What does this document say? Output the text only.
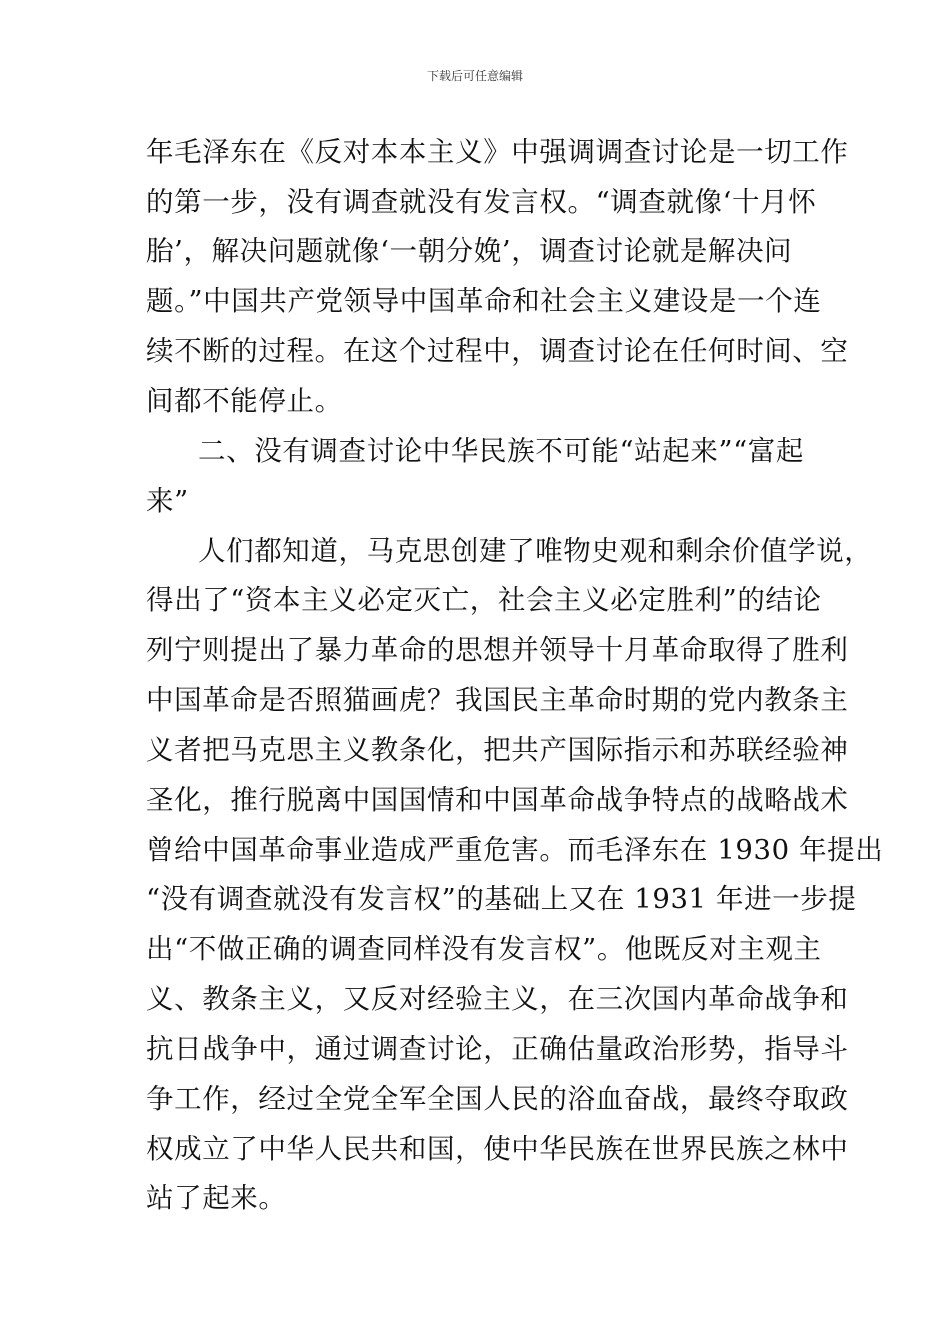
下载后可任意编辑
年毛泽东在《反对本本主义》中强调调查讨论是一切工作
的第一步，没有调查就没有发言权。“调查就像‘十月怀
胎’，解决问题就像‘一朝分娩’，调查讨论就是解决问
题。”中国共产党领导中国革命和社会主义建设是一个连
续不断的过程。在这个过程中，调查讨论在任何时间、空
间都不能停止。
二、没有调查讨论中华民族不可能“站起来”“富起
来”
人们都知道，马克思创建了唯物史观和剩余价值学说，
得出了“资本主义必定灭亡，社会主义必定胜利”的结论
列宁则提出了暴力革命的思想并领导十月革命取得了胜利
中国革命是否照猫画虎？我国民主革命时期的党内教条主
义者把马克思主义教条化，把共产国际指示和苏联经验神
圣化，推行脱离中国国情和中国革命战争特点的战略战术
曾给中国革命事业造成严重危害。而毛泽东在 1930 年提出
“没有调查就没有发言权”的基础上又在 1931 年进一步提
出“不做正确的调查同样没有发言权”。他既反对主观主
义、教条主义，又反对经验主义，在三次国内革命战争和
抗日战争中，通过调查讨论，正确估量政治形势，指导斗
争工作，经过全党全军全国人民的浴血奋战，最终夺取政
权成立了中华人民共和国，使中华民族在世界民族之林中
站了起来。
